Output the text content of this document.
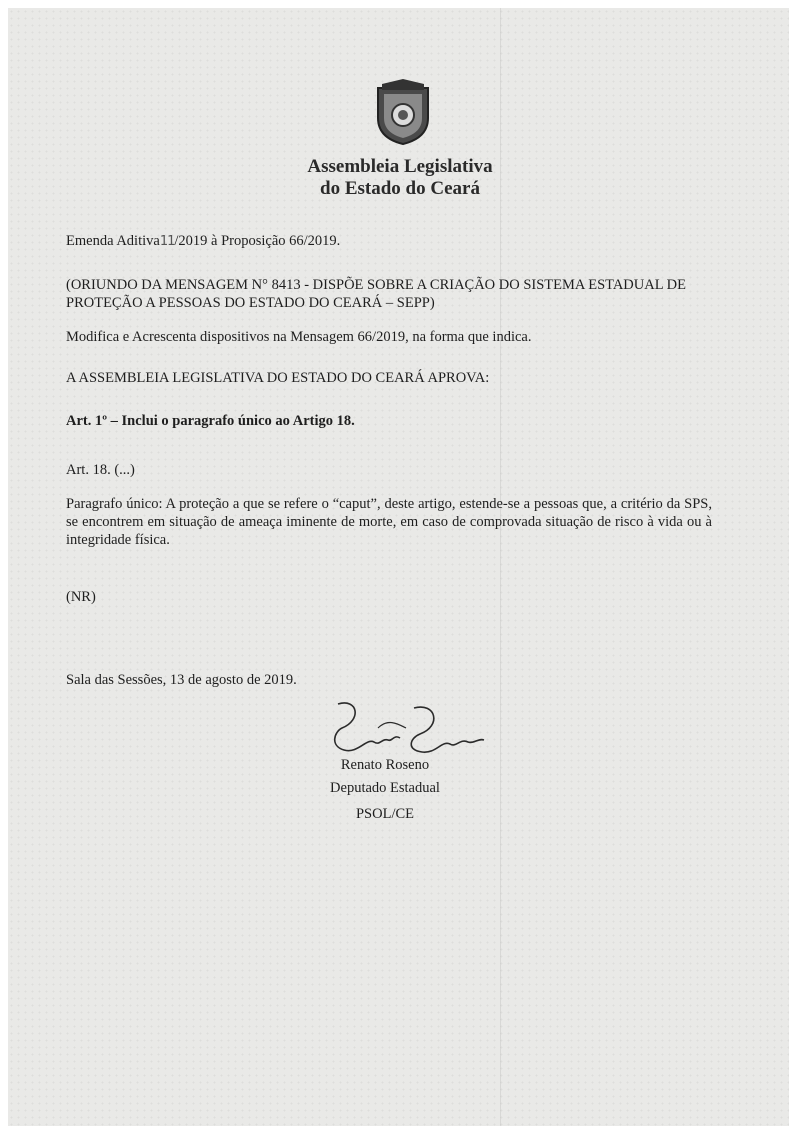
Assembleia Legislativa
do Estado do Ceará
Emenda Aditiva11/2019 à Proposição 66/2019.
(ORIUNDO DA MENSAGEM N° 8413 - DISPÕE SOBRE A CRIAÇÃO DO SISTEMA ESTADUAL DE PROTEÇÃO A PESSOAS DO ESTADO DO CEARÁ – SEPP)
Modifica e Acrescenta dispositivos na Mensagem 66/2019, na forma que indica.
A ASSEMBLEIA LEGISLATIVA DO ESTADO DO CEARÁ APROVA:
Art. 1º – Inclui o paragrafo único ao Artigo 18.
Art. 18. (...)
Paragrafo único: A proteção a que se refere o “caput”, deste artigo, estende-se a pessoas que, a critério da SPS, se encontrem em situação de ameaça iminente de morte, em caso de comprovada situação de risco à vida ou à integridade física.
(NR)
Sala das Sessões, 13 de agosto de 2019.
Renato Roseno
Deputado Estadual
PSOL/CE
